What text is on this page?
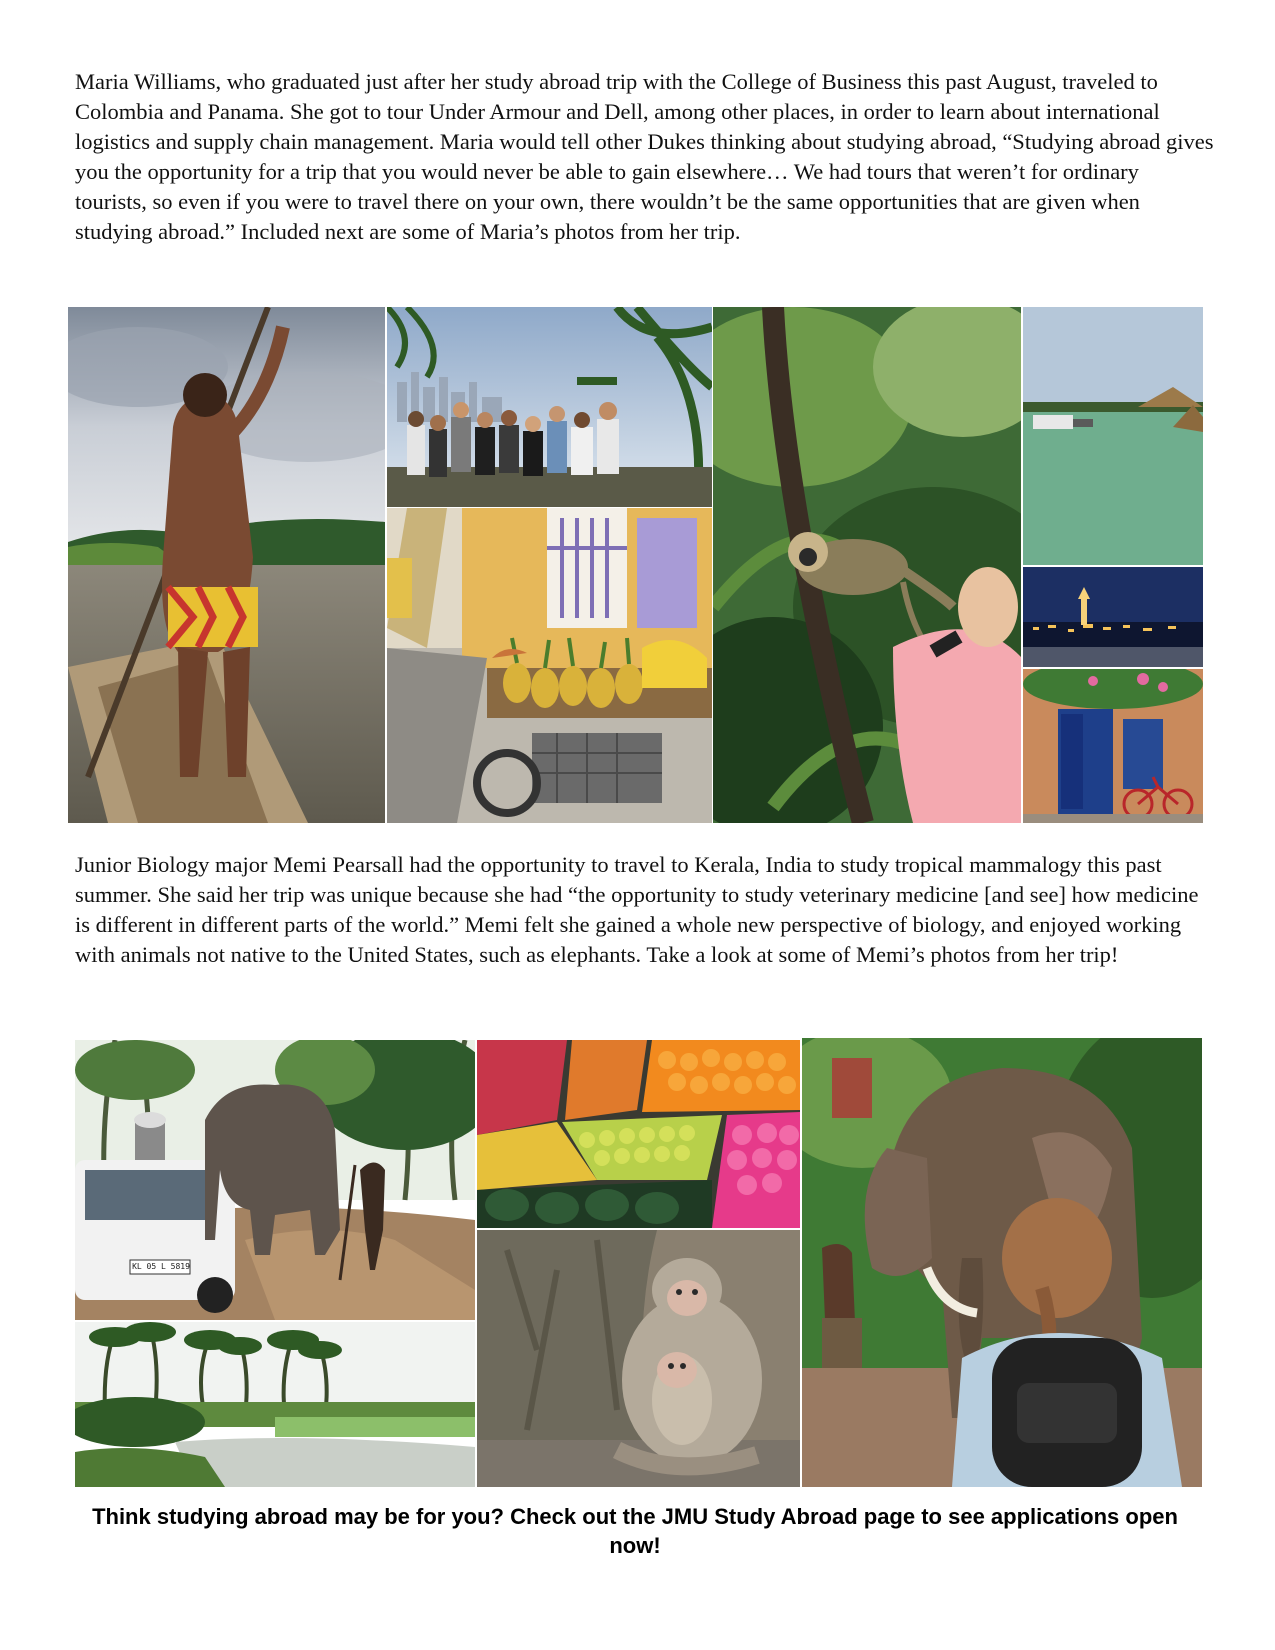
Maria Williams, who graduated just after her study abroad trip with the College of Business this past August, traveled to Colombia and Panama. She got to tour Under Armour and Dell, among other places, in order to learn about international logistics and supply chain management. Maria would tell other Dukes thinking about studying abroad, “Studying abroad gives you the opportunity for a trip that you would never be able to gain elsewhere… We had tours that weren’t for ordinary tourists, so even if you were to travel there on your own, there wouldn’t be the same opportunities that are given when studying abroad.” Included next are some of Maria’s photos from her trip.

Junior Biology major Memi Pearsall had the opportunity to travel to Kerala, India to study tropical mammalogy this past summer. She said her trip was unique because she had “the opportunity to study veterinary medicine [and see] how medicine is different in different parts of the world.” Memi felt she gained a whole new perspective of biology, and enjoyed working with animals not native to the United States, such as elephants. Take a look at some of Memi’s photos from her trip!

KL 05 L 5819

Think studying abroad may be for you? Check out the JMU Study Abroad page to see applications open now!
